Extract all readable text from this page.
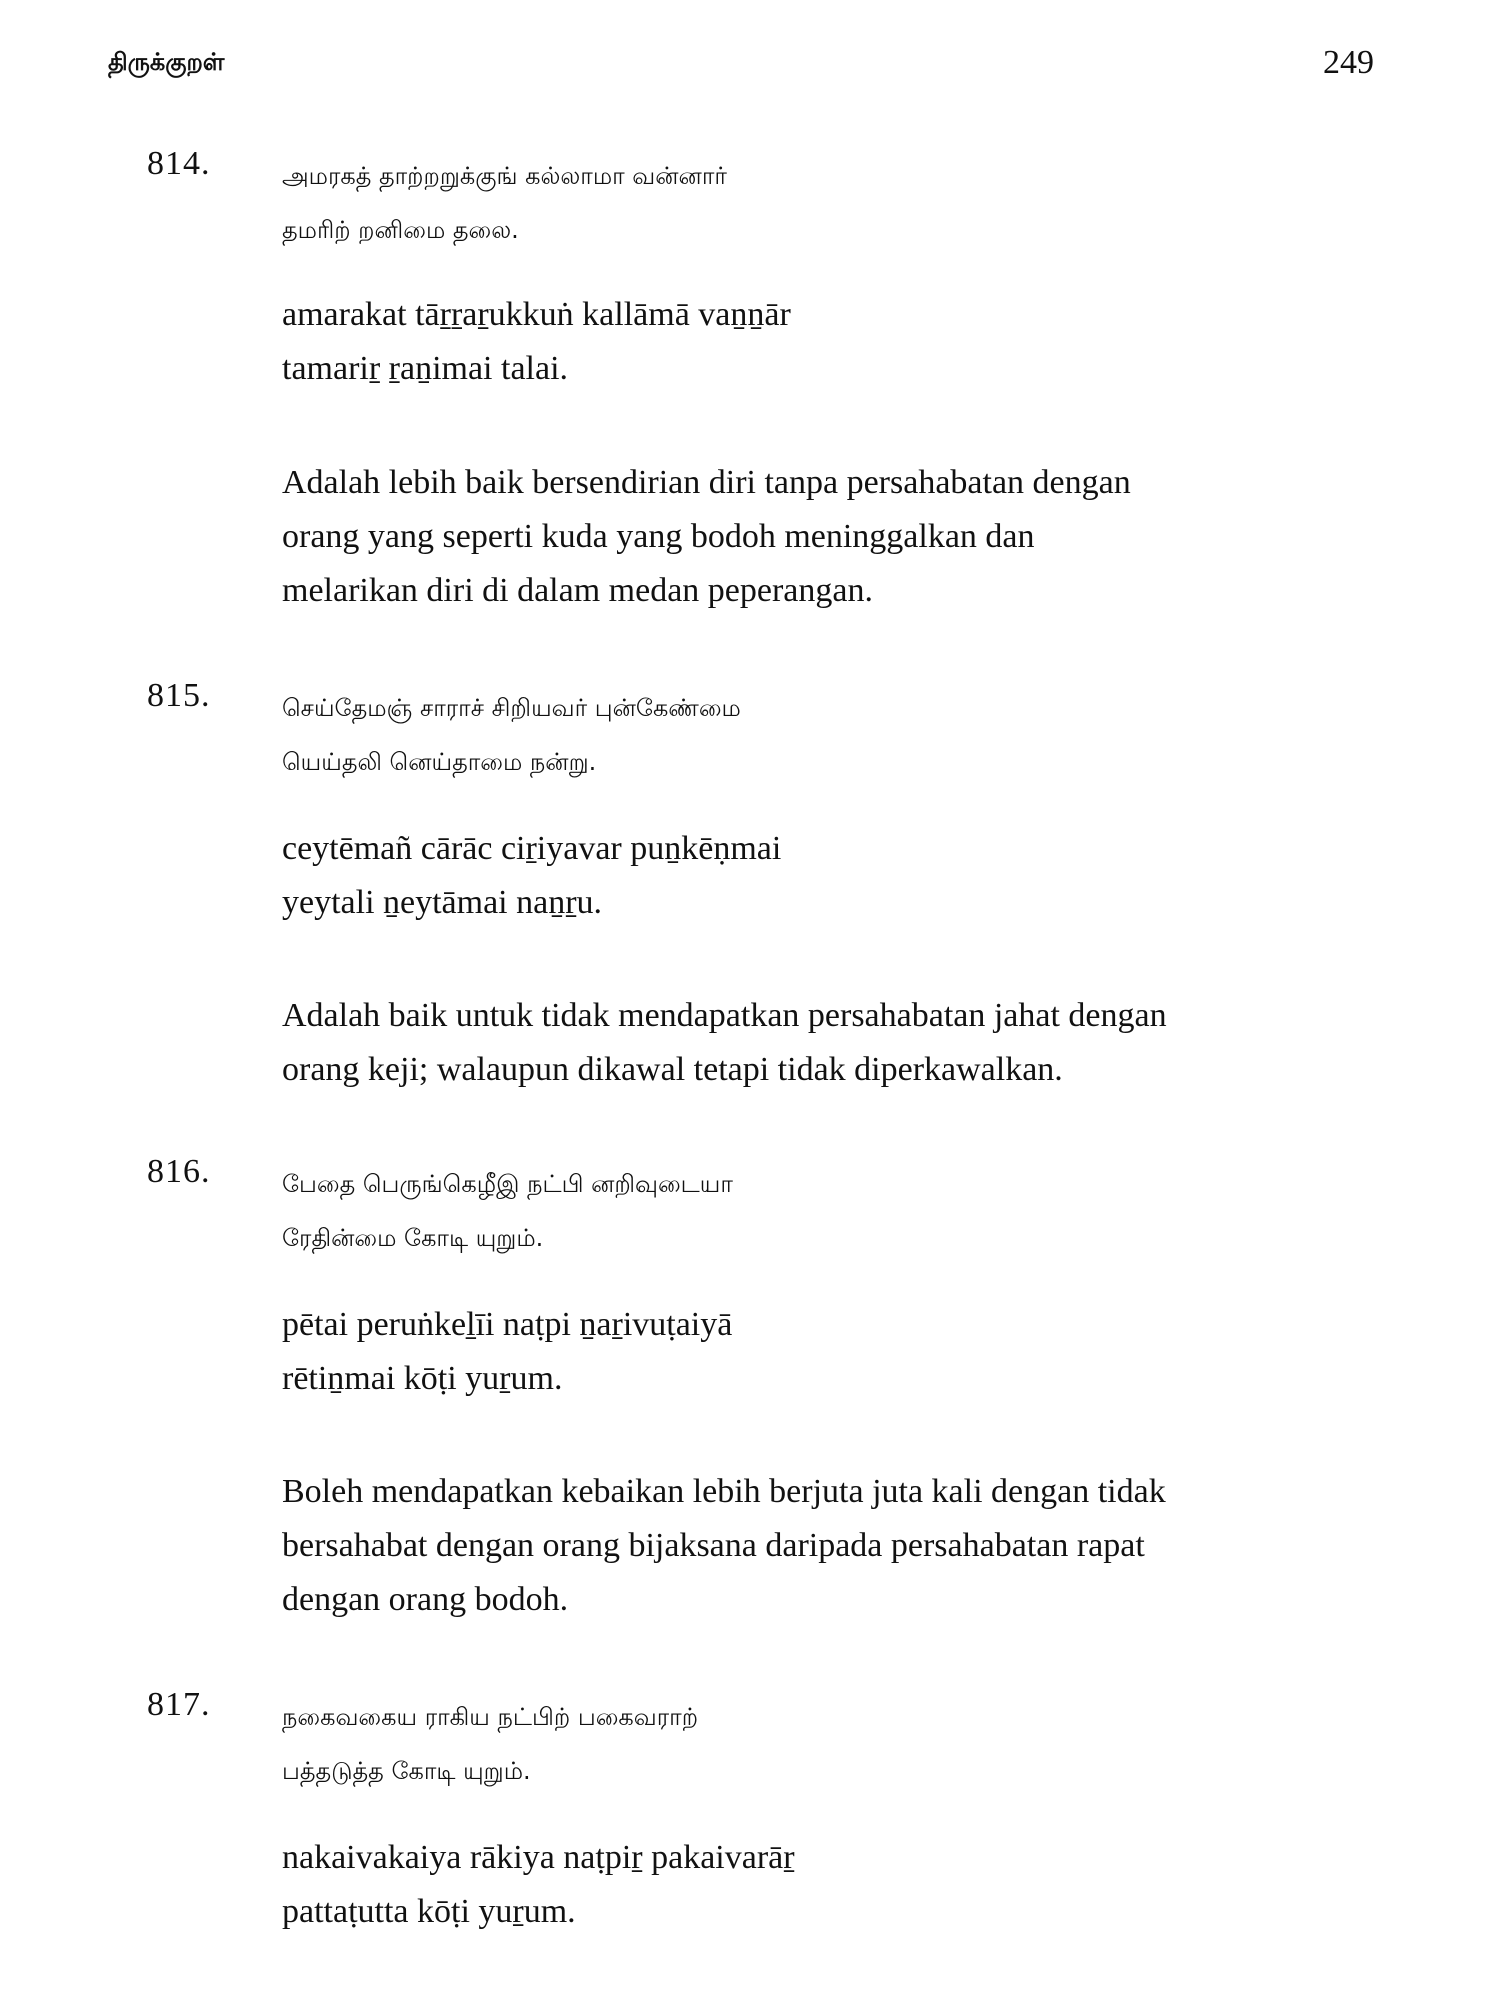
திருக்குறள்	249
814.	அமரகத் தாற்றறுக்குங் கல்லாமா வன்னார்
தமரிற் றனிமை தலை.
amarakat tāṟṟaṟukkuṅ kallāmā vaṉṉār
tamariṟ ṟaṉimai talai.
Adalah lebih baik bersendirian diri tanpa persahabatan dengan
orang yang seperti kuda yang bodoh meninggalkan dan
melarikan diri di dalam medan peperangan.
815.	செய்தேமஞ் சாராச் சிறியவர் புன்கேண்மை
யெய்தலி னெய்தாமை நன்று.
ceytēmañ cārāc ciṟiyavar puṉkēṇmai
yeytali ṉeytāmai naṉṟu.
Adalah baik untuk tidak mendapatkan persahabatan jahat dengan
orang keji; walaupun dikawal tetapi tidak diperkawalkan.
816.	பேதை பெருங்கெழீஇ நட்பி னறிவுடையா
ரேதின்மை கோடி யுறும்.
pētai peruṅkeḻīi naṭpi ṉaṟivuṭaiyā
rētiṉmai kōṭi yuṟum.
Boleh mendapatkan kebaikan lebih berjuta juta kali dengan tidak
bersahabat dengan orang bijaksana daripada persahabatan rapat
dengan orang bodoh.
817.	நகைவகைய ராகிய நட்பிற் பகைவராற்
பத்தடுத்த கோடி யுறும்.
nakaivakaiya rākiya naṭpiṟ pakaivarāṟ
pattaṭutta kōṭi yuṟum.
